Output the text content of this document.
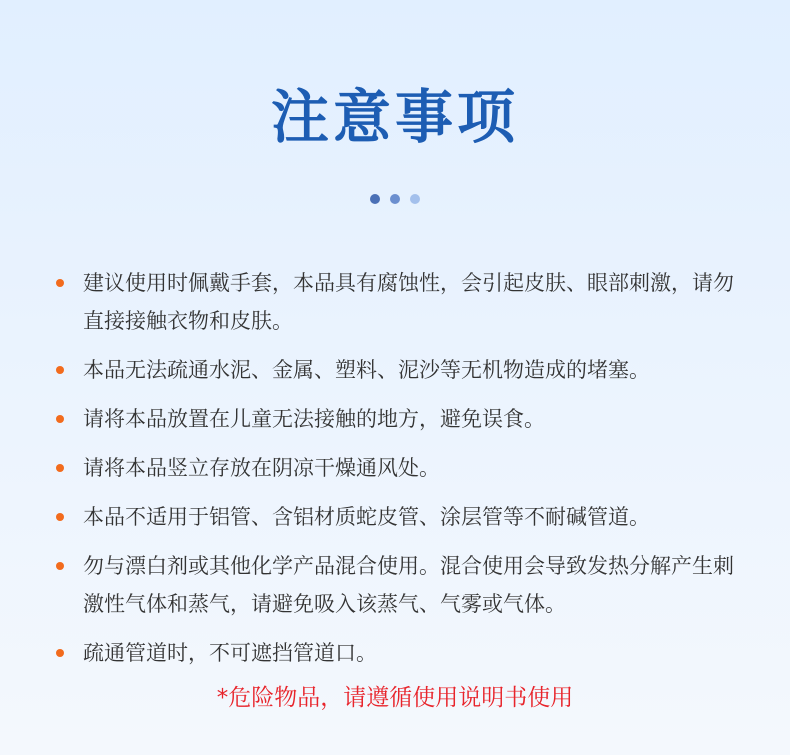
注意事项

建议使用时佩戴手套，本品具有腐蚀性，会引起皮肤、眼部刺激，请勿直接接触衣物和皮肤。
本品无法疏通水泥、金属、塑料、泥沙等无机物造成的堵塞。
请将本品放置在儿童无法接触的地方，避免误食。
请将本品竖立存放在阴凉干燥通风处。
本品不适用于铝管、含铝材质蛇皮管、涂层管等不耐碱管道。
勿与漂白剂或其他化学产品混合使用。混合使用会导致发热分解产生刺激性气体和蒸气，请避免吸入该蒸气、气雾或气体。
疏通管道时，不可遮挡管道口。
*危险物品，请遵循使用说明书使用
